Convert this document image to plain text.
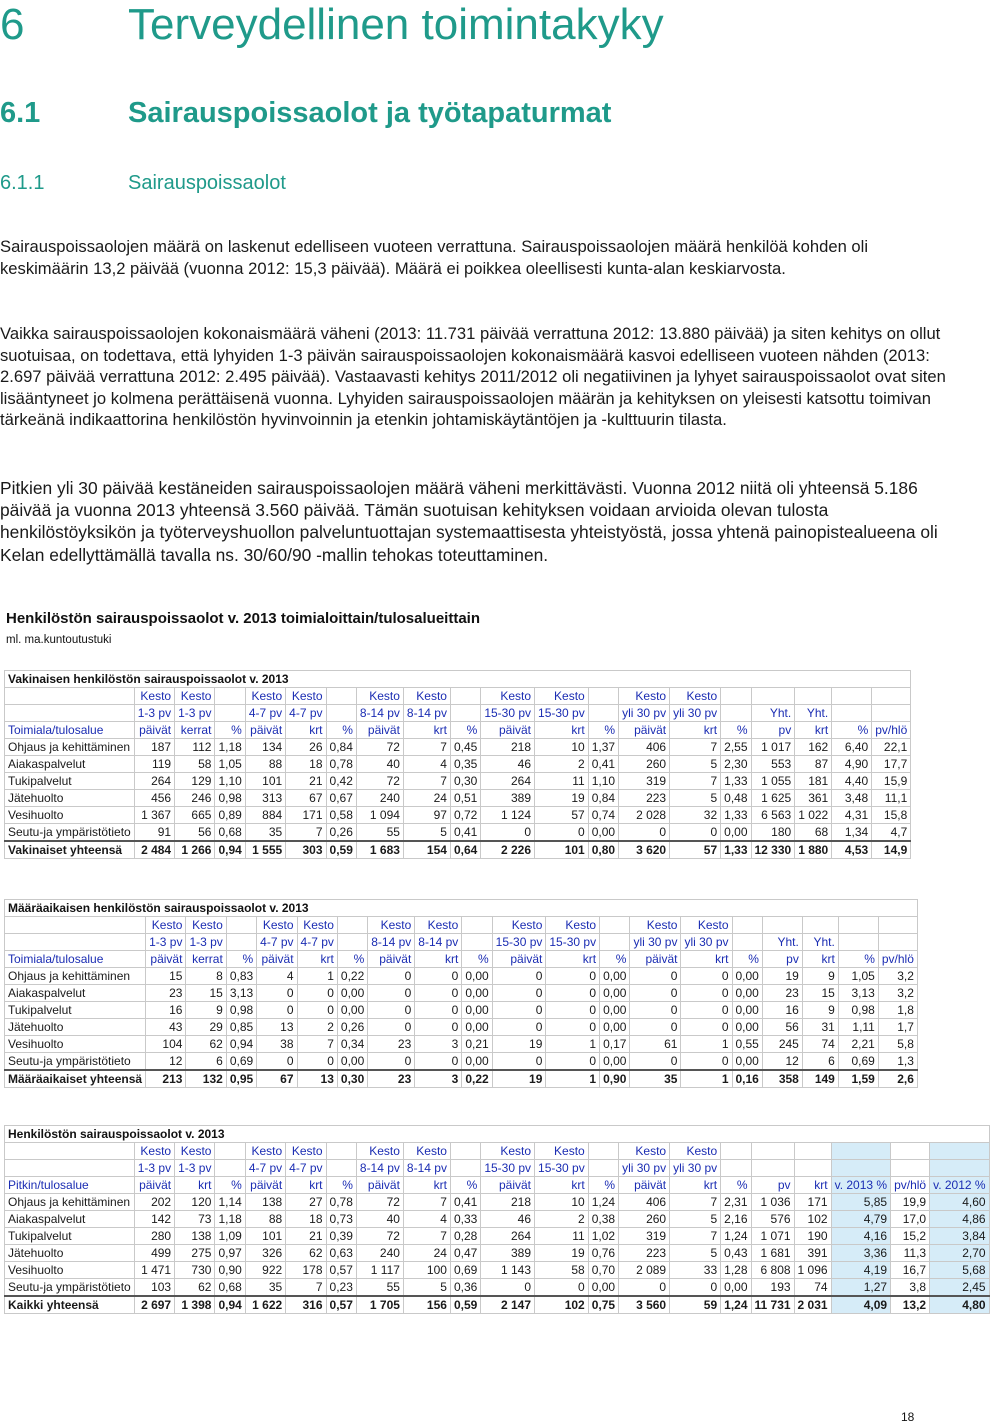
6 Terveydellinen toimintakyky
6.1	Sairauspoissaolot ja työtapaturmat
6.1.1	Sairauspoissaolot
Sairauspoissaolojen määrä on laskenut edelliseen vuoteen verrattuna. Sairauspoissaolojen määrä henkilöä kohden oli keskimäärin 13,2 päivää (vuonna 2012: 15,3 päivää). Määrä ei poikkea oleellisesti kunta-alan keskiarvosta.
Vaikka sairauspoissaolojen kokonaismäärä väheni (2013: 11.731 päivää verrattuna 2012: 13.880 päivää) ja siten kehitys on ollut suotuisaa, on todettava, että lyhyiden 1-3 päivän sairauspoissaolojen kokonaismäärä kasvoi edelliseen vuoteen nähden (2013: 2.697 päivää verrattuna 2012: 2.495 päivää). Vastaavasti kehitys 2011/2012 oli negatiivinen ja lyhyet sairauspoissaolot ovat siten lisääntyneet jo kolmena perättäisenä vuonna. Lyhyiden sairauspoissaolojen määrän ja kehityksen on yleisesti katsottu toimivan tärkeänä indikaattorina henkilöstön hyvinvoinnin ja etenkin johtamiskäytäntöjen ja -kulttuurin tilasta.
Pitkien yli 30 päivää kestäneiden sairauspoissaolojen määrä väheni merkittävästi. Vuonna 2012 niitä oli yhteensä 5.186 päivää ja vuonna 2013 yhteensä 3.560 päivää. Tämän suotuisan kehityksen voidaan arvioida olevan tulosta henkilöstöyksikön ja työterveyshuollon palveluntuottajan systemaattisesta yhteistyöstä, jossa yhtenä painopistealueena oli Kelan edellyttämällä tavalla ns. 30/60/90 -mallin tehokas toteuttaminen.
Henkilöstön sairauspoissaolot v. 2013 toimialoittain/tulosalueittain
ml. ma.kuntoutustuki
Vakinaisen henkilöstön sairauspoissaolot v. 2013																			
	Kesto	Kesto		Kesto	Kesto		Kesto	Kesto		Kesto	Kesto		Kesto	Kesto					
	1-3 pv	1-3 pv		4-7 pv	4-7 pv		8-14 pv	8-14 pv		15-30 pv	15-30 pv		yli 30 pv	yli 30 pv		Yht.	Yht.		
Toimiala/tulosalue	päivät	kerrat	%	päivät	krt	%	päivät	krt	%	päivät	krt	%	päivät	krt	%	pv	krt	%	pv/hlö
Ohjaus ja kehittäminen	187	112	1,18	134	26	0,84	72	7	0,45	218	10	1,37	406	7	2,55	1 017	162	6,40	22,1
Aiakaspalvelut	119	58	1,05	88	18	0,78	40	4	0,35	46	2	0,41	260	5	2,30	553	87	4,90	17,7
Tukipalvelut	264	129	1,10	101	21	0,42	72	7	0,30	264	11	1,10	319	7	1,33	1 055	181	4,40	15,9
Jätehuolto	456	246	0,98	313	67	0,67	240	24	0,51	389	19	0,84	223	5	0,48	1 625	361	3,48	11,1
Vesihuolto	1 367	665	0,89	884	171	0,58	1 094	97	0,72	1 124	57	0,74	2 028	32	1,33	6 563	1 022	4,31	15,8
Seutu-ja ympäristötieto	91	56	0,68	35	7	0,26	55	5	0,41	0	0	0,00	0	0	0,00	180	68	1,34	4,7
Vakinaiset yhteensä	2 484	1 266	0,94	1 555	303	0,59	1 683	154	0,64	2 226	101	0,80	3 620	57	1,33	12 330	1 880	4,53	14,9
Määräaikaisen henkilöstön sairauspoissaolot v. 2013																			
	Kesto	Kesto		Kesto	Kesto		Kesto	Kesto		Kesto	Kesto		Kesto	Kesto					
	1-3 pv	1-3 pv		4-7 pv	4-7 pv		8-14 pv	8-14 pv		15-30 pv	15-30 pv		yli 30 pv	yli 30 pv		Yht.	Yht.		
Toimiala/tulosalue	päivät	kerrat	%	päivät	krt	%	päivät	krt	%	päivät	krt	%	päivät	krt	%	pv	krt	%	pv/hlö
Ohjaus ja kehittäminen	15	8	0,83	4	1	0,22	0	0	0,00	0	0	0,00	0	0	0,00	19	9	1,05	3,2
Aiakaspalvelut	23	15	3,13	0	0	0,00	0	0	0,00	0	0	0,00	0	0	0,00	23	15	3,13	3,2
Tukipalvelut	16	9	0,98	0	0	0,00	0	0	0,00	0	0	0,00	0	0	0,00	16	9	0,98	1,8
Jätehuolto	43	29	0,85	13	2	0,26	0	0	0,00	0	0	0,00	0	0	0,00	56	31	1,11	1,7
Vesihuolto	104	62	0,94	38	7	0,34	23	3	0,21	19	1	0,17	61	1	0,55	245	74	2,21	5,8
Seutu-ja ympäristötieto	12	6	0,69	0	0	0,00	0	0	0,00	0	0	0,00	0	0	0,00	12	6	0,69	1,3
Määräaikaiset yhteensä	213	132	0,95	67	13	0,30	23	3	0,22	19	1	0,90	35	1	0,16	358	149	1,59	2,6
Henkilöstön sairauspoissaolot v. 2013																				
	Kesto	Kesto		Kesto	Kesto		Kesto	Kesto		Kesto	Kesto		Kesto	Kesto						
	1-3 pv	1-3 pv		4-7 pv	4-7 pv		8-14 pv	8-14 pv		15-30 pv	15-30 pv		yli 30 pv	yli 30 pv						
Pitkin/tulosalue	päivät	krt	%	päivät	krt	%	päivät	krt	%	päivät	krt	%	päivät	krt	%	pv	krt	v. 2013 %	pv/hlö	v. 2012 %
Ohjaus ja kehittäminen	202	120	1,14	138	27	0,78	72	7	0,41	218	10	1,24	406	7	2,31	1 036	171	5,85	19,9	4,60
Aiakaspalvelut	142	73	1,18	88	18	0,73	40	4	0,33	46	2	0,38	260	5	2,16	576	102	4,79	17,0	4,86
Tukipalvelut	280	138	1,09	101	21	0,39	72	7	0,28	264	11	1,02	319	7	1,24	1 071	190	4,16	15,2	3,84
Jätehuolto	499	275	0,97	326	62	0,63	240	24	0,47	389	19	0,76	223	5	0,43	1 681	391	3,36	11,3	2,70
Vesihuolto	1 471	730	0,90	922	178	0,57	1 117	100	0,69	1 143	58	0,70	2 089	33	1,28	6 808	1 096	4,19	16,7	5,68
Seutu-ja ympäristötieto	103	62	0,68	35	7	0,23	55	5	0,36	0	0	0,00	0	0	0,00	193	74	1,27	3,8	2,45
Kaikki yhteensä	2 697	1 398	0,94	1 622	316	0,57	1 705	156	0,59	2 147	102	0,75	3 560	59	1,24	11 731	2 031	4,09	13,2	4,80
18
